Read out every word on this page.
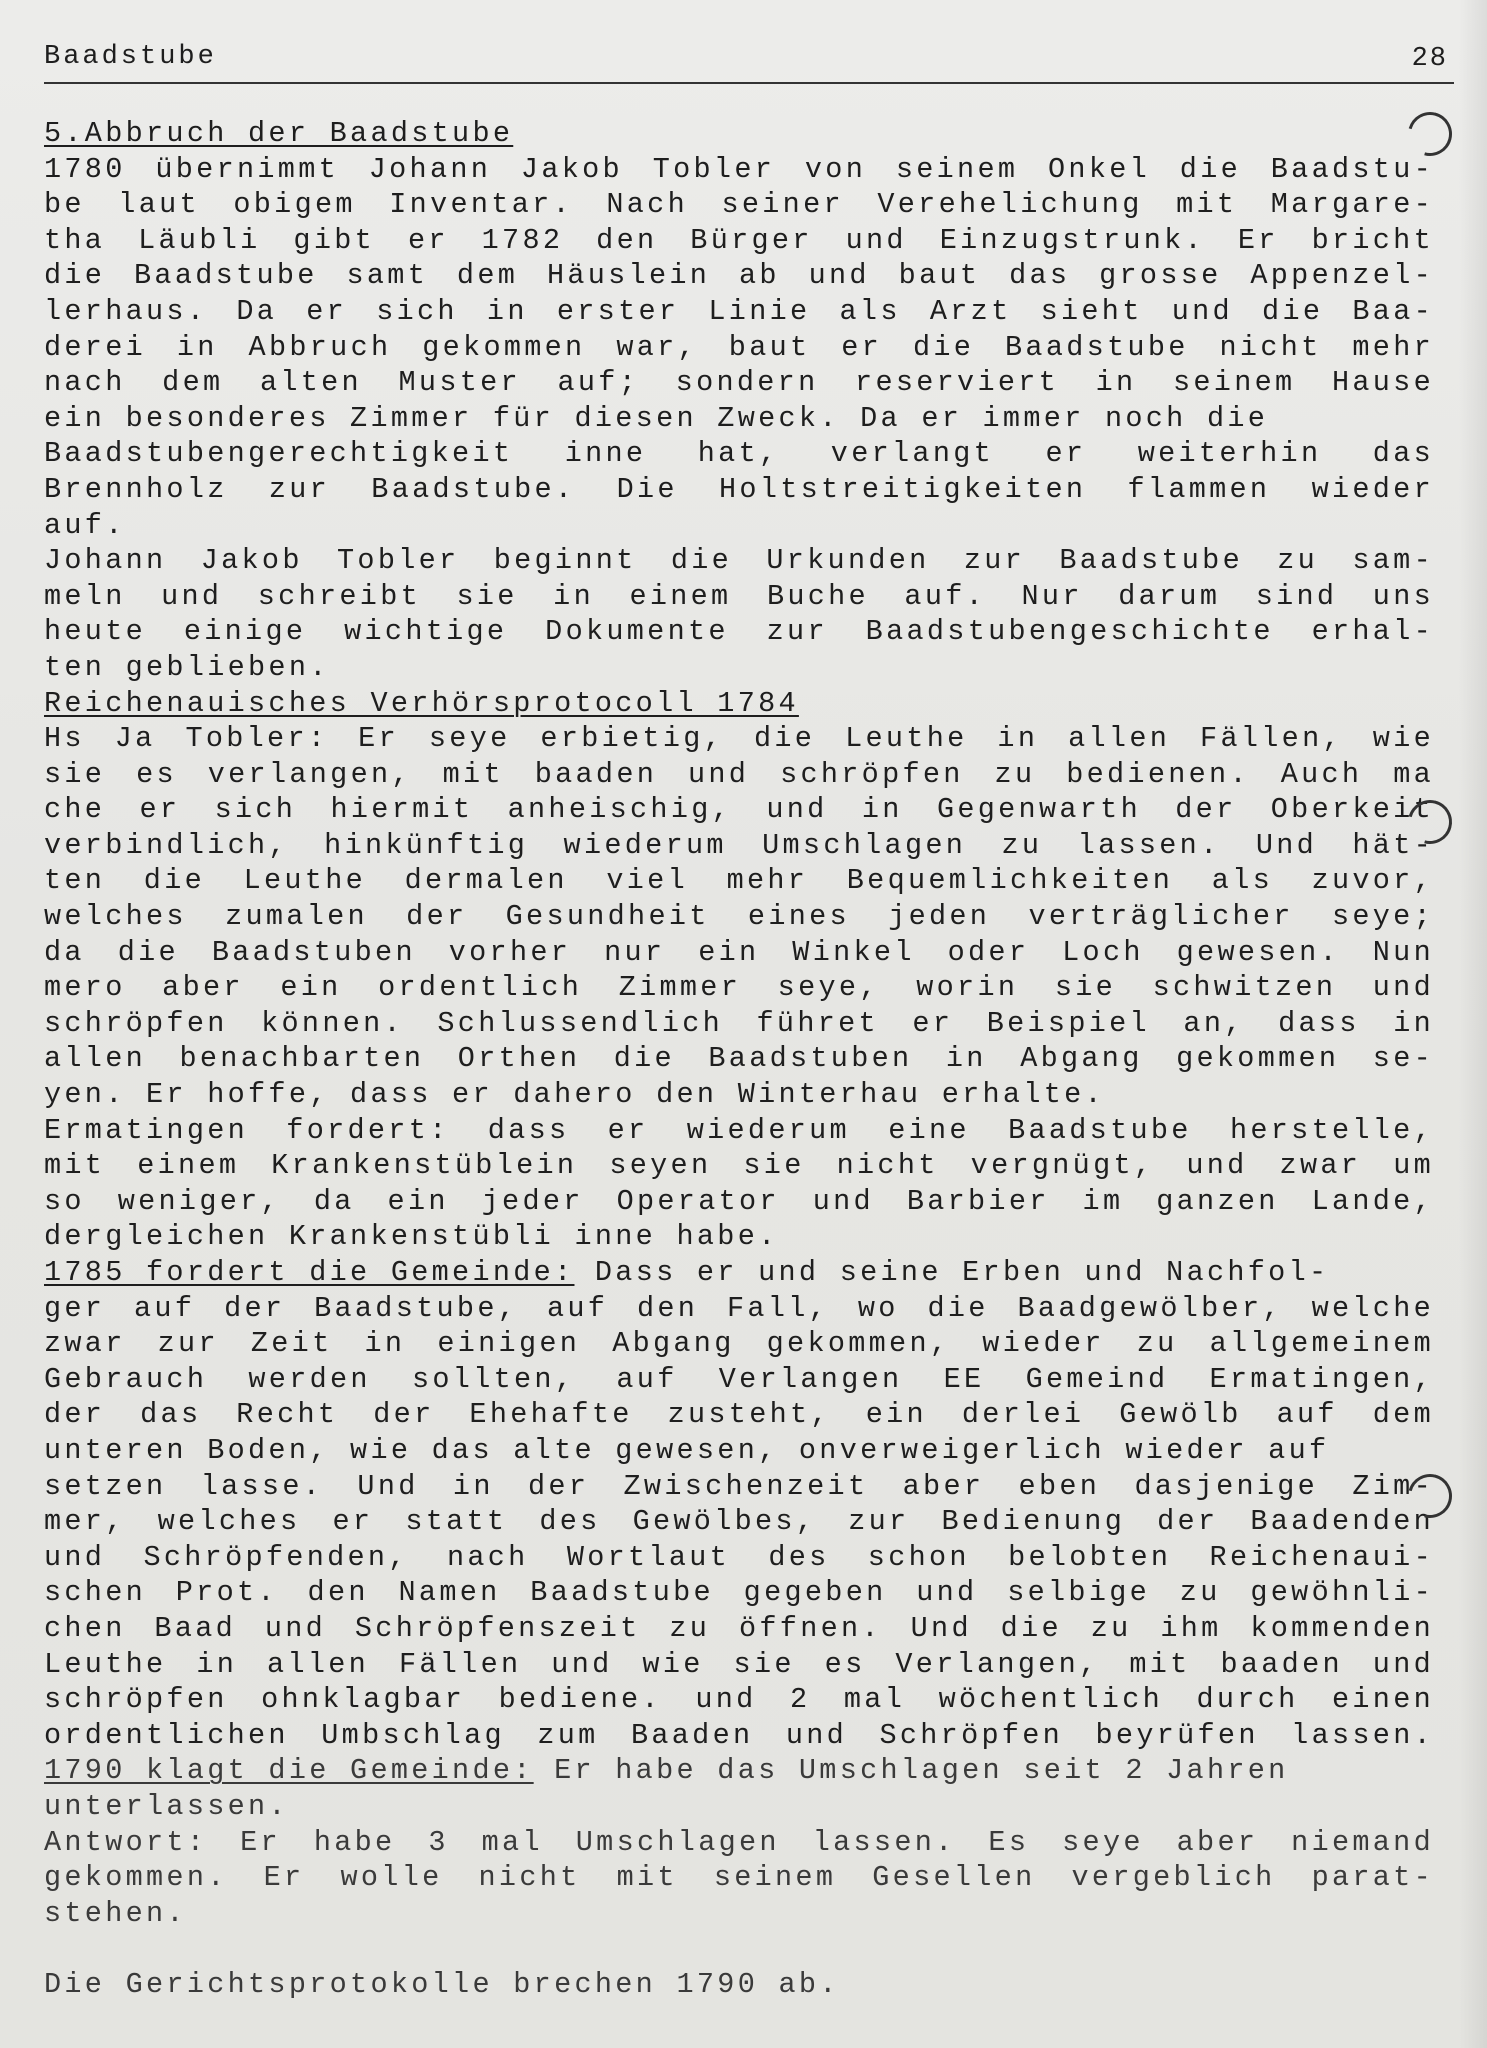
Baadstube	28
5.Abbruch der Baadstube
1780 übernimmt Johann Jakob Tobler von seinem Onkel die Baadstu-
be laut obigem Inventar. Nach seiner Verehelichung mit Margare-
tha Läubli gibt er 1782 den Bürger und Einzugstrunk. Er bricht
die Baadstube samt dem Häuslein ab und baut das grosse Appenzel-
lerhaus. Da er sich in erster Linie als Arzt sieht und die Baa-
derei in Abbruch gekommen war, baut er die Baadstube nicht mehr
nach dem alten Muster auf; sondern reserviert in seinem Hause
ein besonderes Zimmer für diesen Zweck. Da er immer noch die
Baadstubengerechtigkeit inne hat, verlangt er weiterhin das
Brennholz zur Baadstube. Die Holtstreitigkeiten flammen wieder
auf.
Johann Jakob Tobler beginnt die Urkunden zur Baadstube zu sam-
meln und schreibt sie in einem Buche auf. Nur darum sind uns
heute einige wichtige Dokumente zur Baadstubengeschichte erhal-
ten geblieben.
Reichenauisches Verhörsprotocoll 1784
Hs Ja Tobler: Er seye erbietig, die Leuthe in allen Fällen, wie
sie es verlangen, mit baaden und schröpfen zu bedienen. Auch ma
che er sich hiermit anheischig, und in Gegenwarth der Oberkeit
verbindlich, hinkünftig wiederum Umschlagen zu lassen. Und hät-
ten die Leuthe dermalen viel mehr Bequemlichkeiten als zuvor,
welches zumalen der Gesundheit eines jeden verträglicher seye;
da die Baadstuben vorher nur ein Winkel oder Loch gewesen. Nun
mero aber ein ordentlich Zimmer seye, worin sie schwitzen und
schröpfen können. Schlussendlich führet er Beispiel an, dass in
allen benachbarten Orthen die Baadstuben in Abgang gekommen se-
yen. Er hoffe, dass er dahero den Winterhau erhalte.
Ermatingen fordert: dass er wiederum eine Baadstube herstelle,
mit einem Krankenstüblein seyen sie nicht vergnügt, und zwar um
so weniger, da ein jeder Operator und Barbier im ganzen Lande,
dergleichen Krankenstübli inne habe.
1785 fordert die Gemeinde: Dass er und seine Erben und Nachfol-
ger auf der Baadstube, auf den Fall, wo die Baadgewölber, welche
zwar zur Zeit in einigen Abgang gekommen, wieder zu allgemeinem
Gebrauch werden sollten, auf Verlangen EE Gemeind Ermatingen,
der das Recht der Ehehafte zusteht, ein derlei Gewölb auf dem
unteren Boden, wie das alte gewesen, onverweigerlich wieder auf
setzen lasse. Und in der Zwischenzeit aber eben dasjenige Zim-
mer, welches er statt des Gewölbes, zur Bedienung der Baadenden
und Schröpfenden, nach Wortlaut des schon belobten Reichenaui-
schen Prot. den Namen Baadstube gegeben und selbige zu gewöhnli-
chen Baad und Schröpfenszeit zu öffnen. Und die zu ihm kommenden
Leuthe in allen Fällen und wie sie es Verlangen, mit baaden und
schröpfen ohnklagbar bediene. und 2 mal wöchentlich durch einen
ordentlichen Umbschlag zum Baaden und Schröpfen beyrüfen lassen.
1790 klagt die Gemeinde: Er habe das Umschlagen seit 2 Jahren
unterlassen.
Antwort: Er habe 3 mal Umschlagen lassen. Es seye aber niemand
gekommen. Er wolle nicht mit seinem Gesellen vergeblich parat-
stehen.
Die Gerichtsprotokolle brechen 1790 ab.
